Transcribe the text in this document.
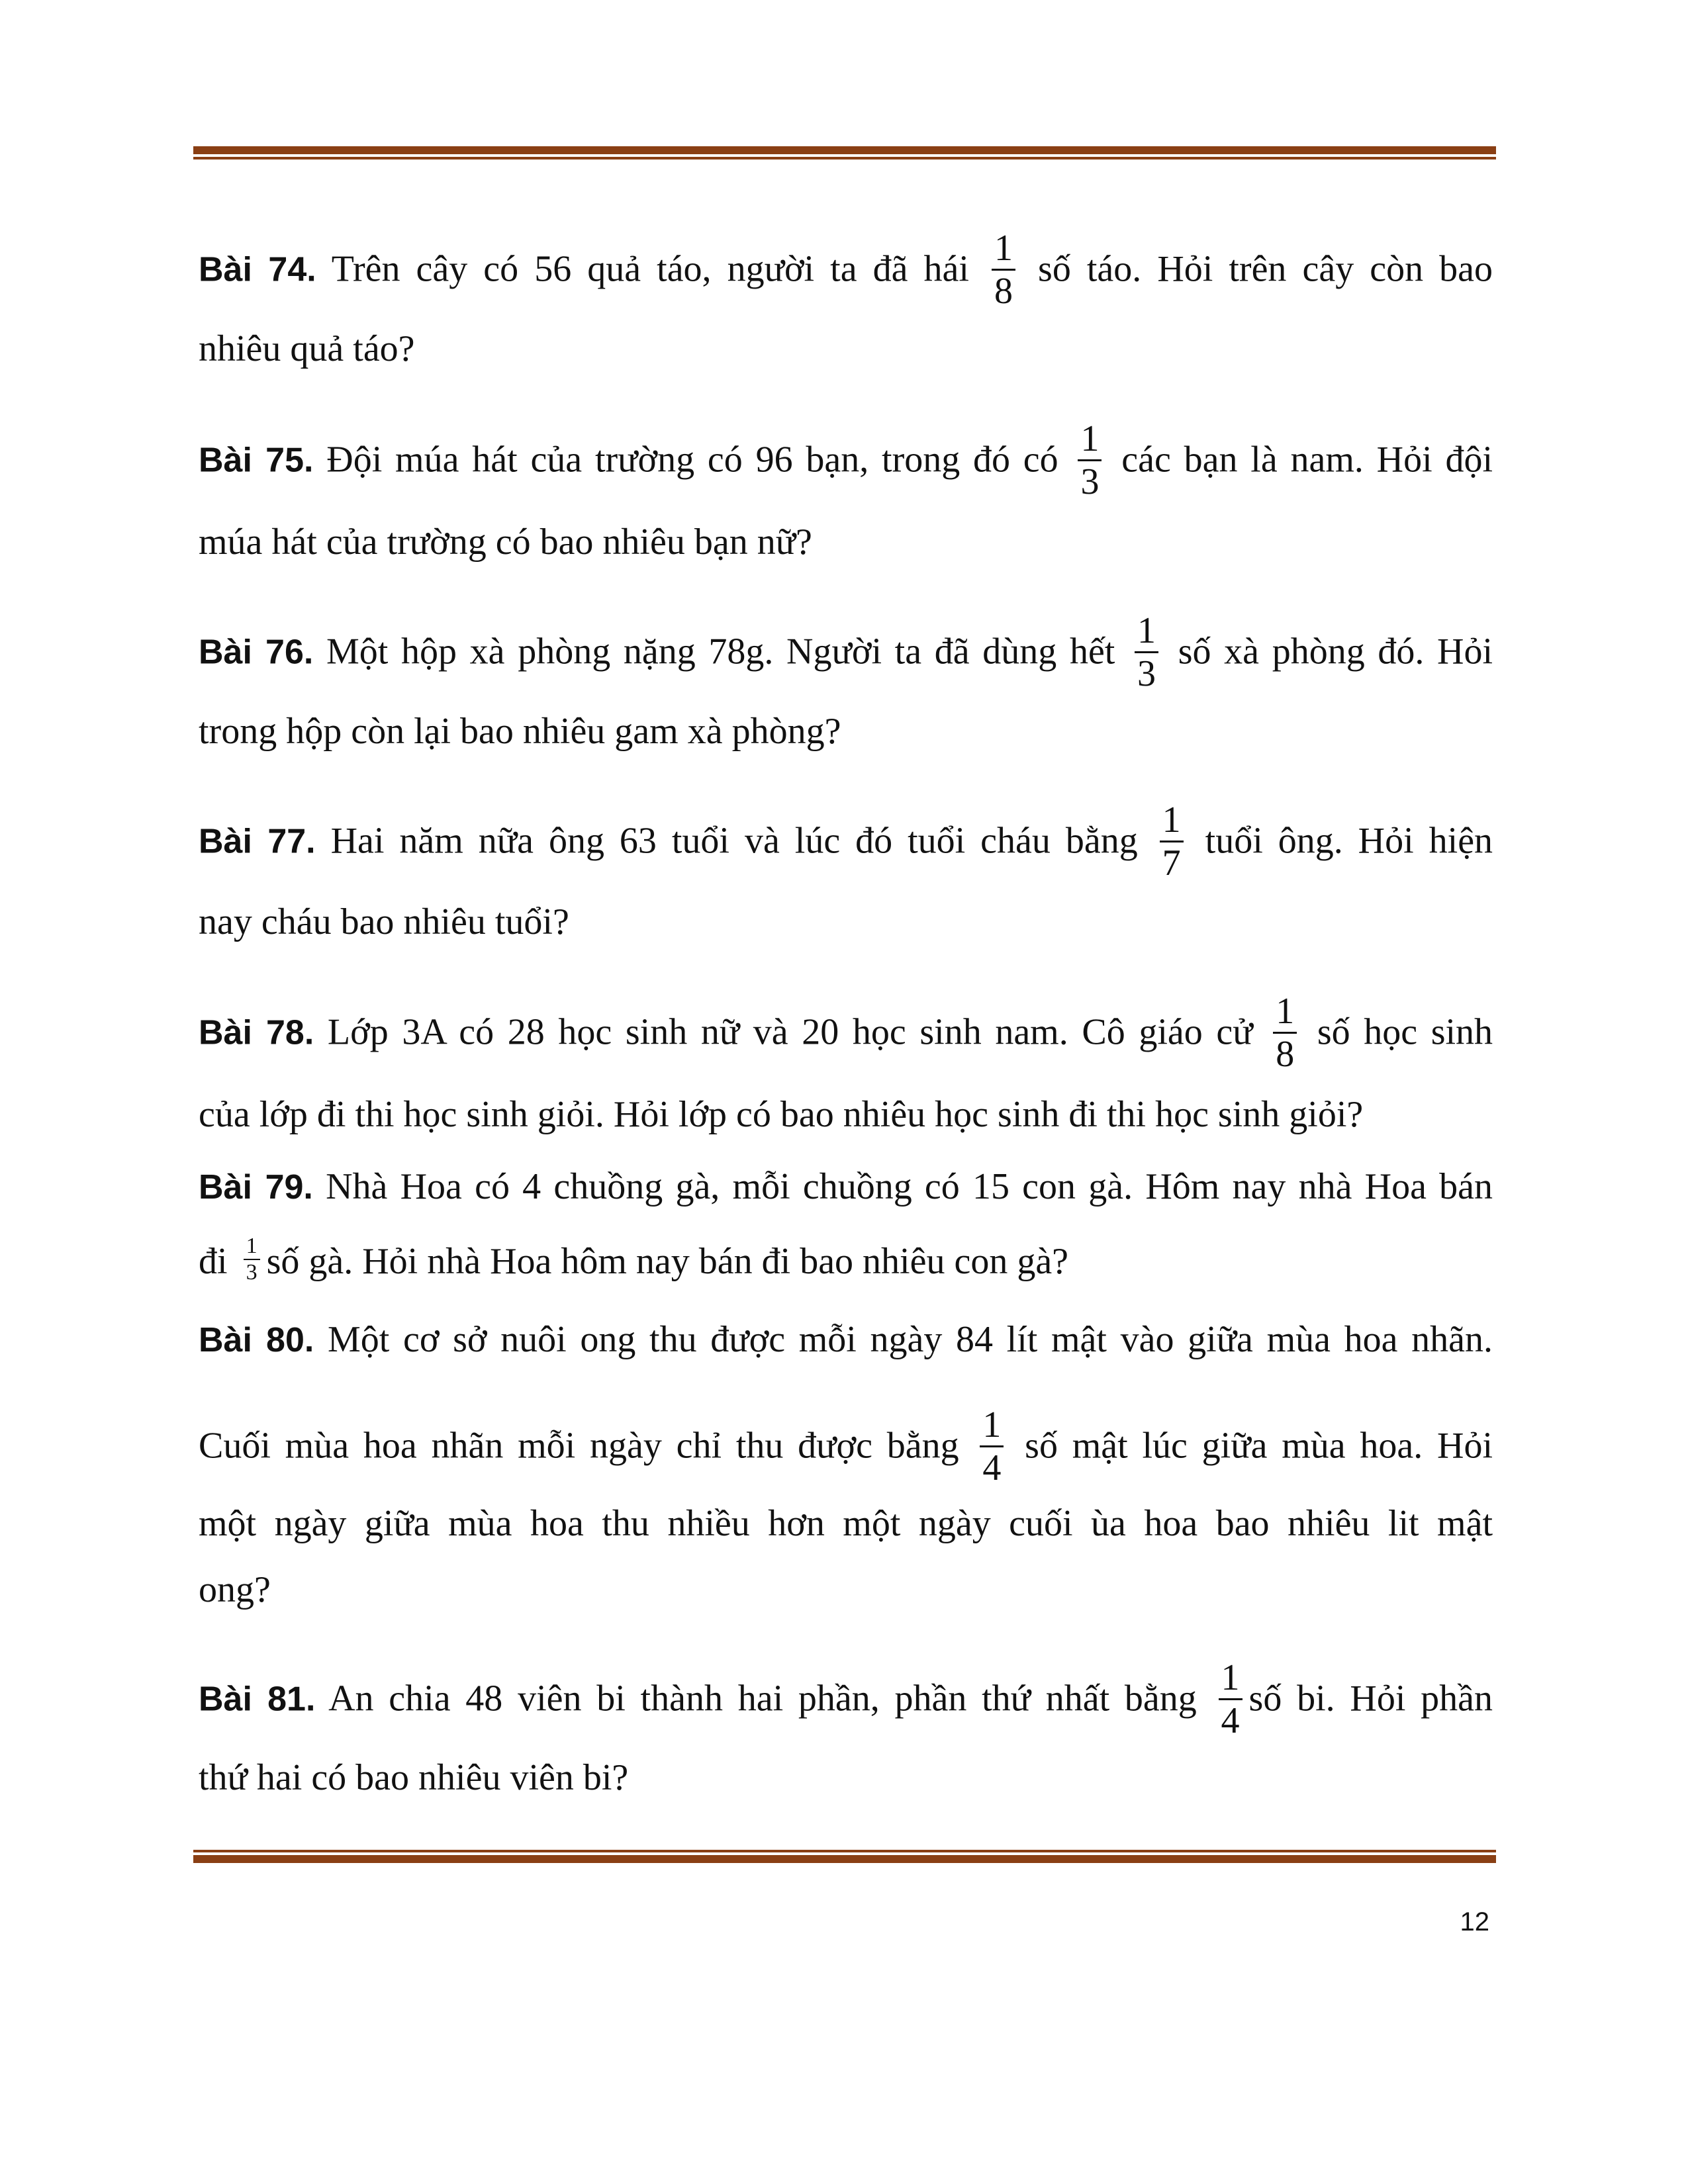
Bài 74. Trên cây có 56 quả táo, người ta đã hái $\frac{1}{8}$ số táo. Hỏi trên cây còn bao
nhiêu quả táo?
Bài 75. Đội múa hát của trường có 96 bạn, trong đó có $\frac{1}{3}$ các bạn là nam. Hỏi đội
múa hát của trường có bao nhiêu bạn nữ?
Bài 76. Một hộp xà phòng nặng 78g. Người ta đã dùng hết $\frac{1}{3}$ số xà phòng đó. Hỏi
trong hộp còn lại bao nhiêu gam xà phòng?
Bài 77. Hai năm nữa ông 63 tuổi và lúc đó tuổi cháu bằng $\frac{1}{7}$ tuổi ông. Hỏi hiện
nay cháu bao nhiêu tuổi?
Bài 78. Lớp 3A có 28 học sinh nữ và 20 học sinh nam. Cô giáo cử $\frac{1}{8}$ số học sinh
của lớp đi thi học sinh giỏi. Hỏi lớp có bao nhiêu học sinh đi thi học sinh giỏi?
Bài 79. Nhà Hoa có 4 chuồng gà, mỗi chuồng có 15 con gà. Hôm nay nhà Hoa bán
đi $\frac{1}{3}$ số gà. Hỏi nhà Hoa hôm nay bán đi bao nhiêu con gà?
Bài 80. Một cơ sở nuôi ong thu được mỗi ngày 84 lít mật vào giữa mùa hoa nhãn.
Cuối mùa hoa nhãn mỗi ngày chỉ thu được bằng $\frac{1}{4}$ số mật lúc giữa mùa hoa. Hỏi
một ngày giữa mùa hoa thu nhiều hơn một ngày cuối ùa hoa bao nhiêu lit mật
ong?
Bài 81. An chia 48 viên bi thành hai phần, phần thứ nhất bằng $\frac{1}{4}$ số bi. Hỏi phần
thứ hai có bao nhiêu viên bi?
12
